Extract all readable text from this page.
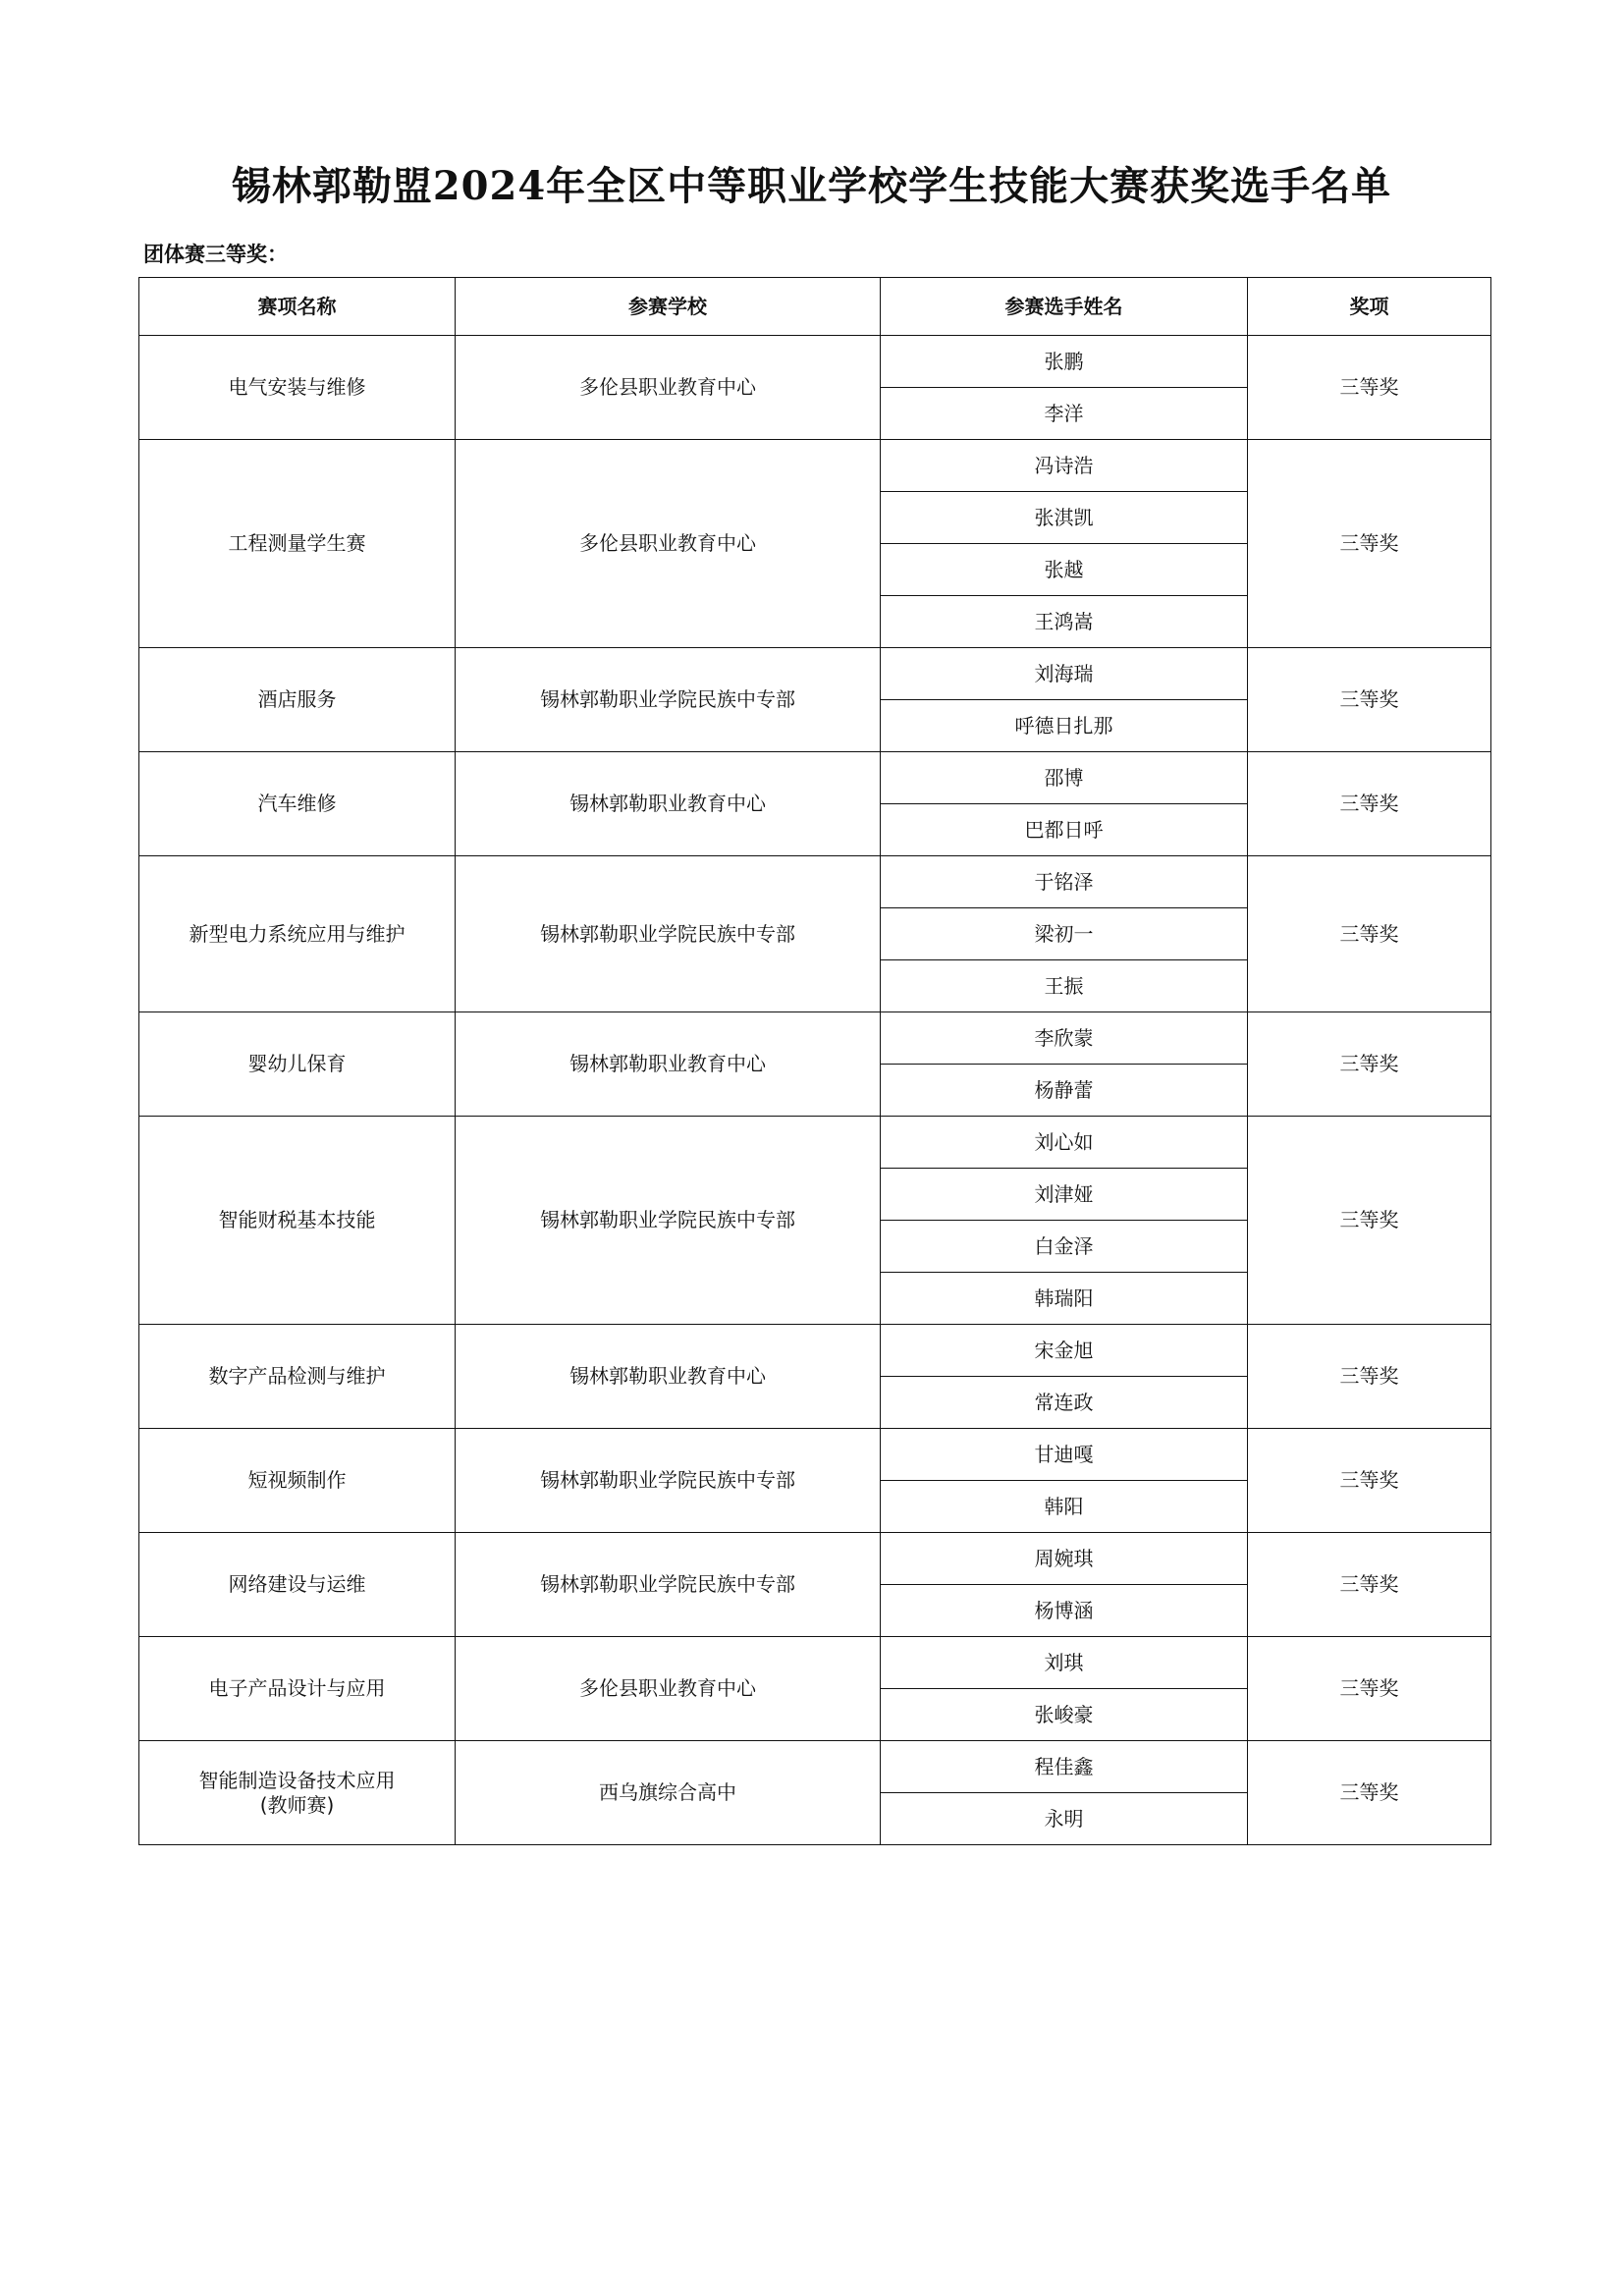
锡林郭勒盟2024年全区中等职业学校学生技能大赛获奖选手名单
团体赛三等奖：
赛项名称	参赛学校	参赛选手姓名	奖项
电气安装与维修	多伦县职业教育中心	张鹏	三等奖
		李洋	
工程测量学生赛	多伦县职业教育中心	冯诗浩	三等奖
		张淇凯	
		张越	
		王鸿嵩	
酒店服务	锡林郭勒职业学院民族中专部	刘海瑞	三等奖
		呼德日扎那	
汽车维修	锡林郭勒职业教育中心	邵博	三等奖
		巴都日呼	
新型电力系统应用与维护	锡林郭勒职业学院民族中专部	于铭泽	三等奖
		梁初一	
		王振	
婴幼儿保育	锡林郭勒职业教育中心	李欣蒙	三等奖
		杨静蕾	
智能财税基本技能	锡林郭勒职业学院民族中专部	刘心如	三等奖
		刘津娅	
		白金泽	
		韩瑞阳	
数字产品检测与维护	锡林郭勒职业教育中心	宋金旭	三等奖
		常连政	
短视频制作	锡林郭勒职业学院民族中专部	甘迪嘎	三等奖
		韩阳	
网络建设与运维	锡林郭勒职业学院民族中专部	周婉琪	三等奖
		杨博涵	
电子产品设计与应用	多伦县职业教育中心	刘琪	三等奖
		张峻豪	
智能制造设备技术应用
(教师赛)	西乌旗综合高中	程佳鑫	三等奖
		永明	
